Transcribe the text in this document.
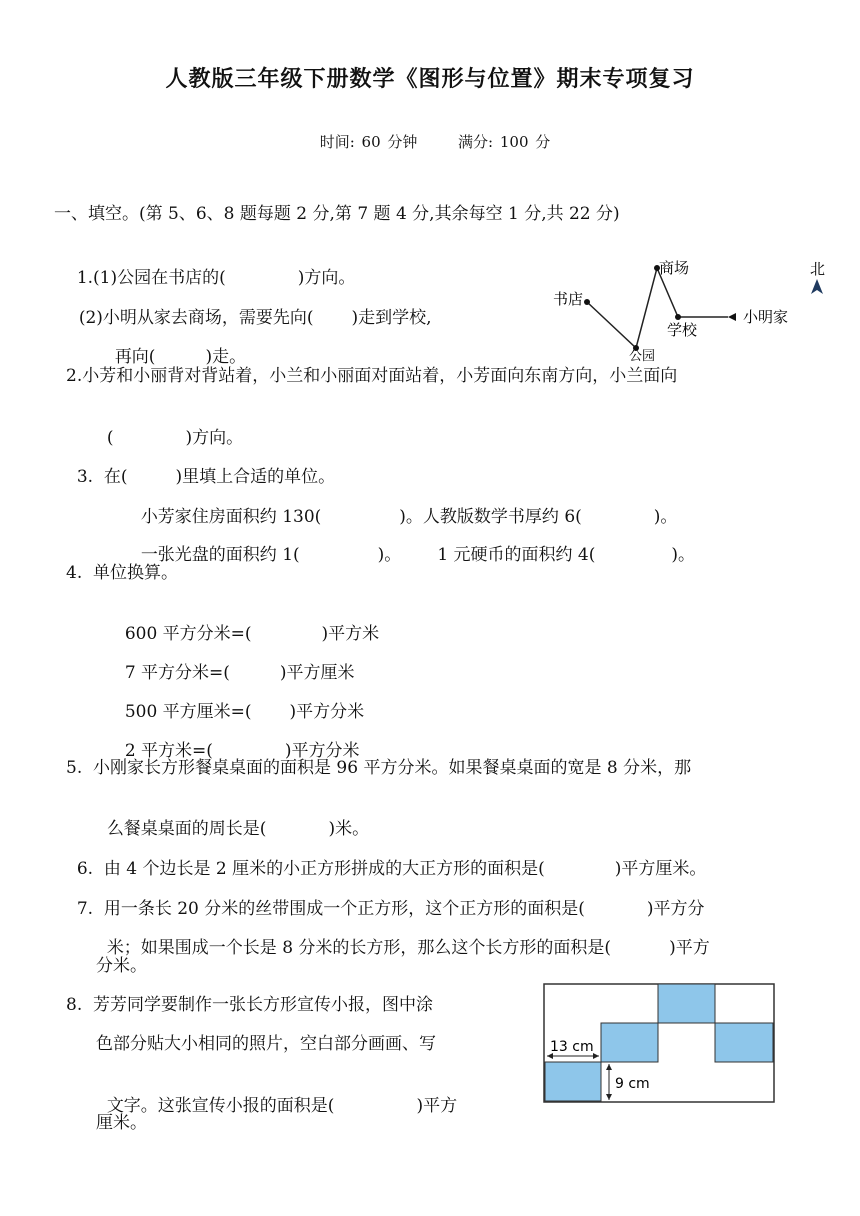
人教版三年级下册数学《图形与位置》期末专项复习
时间: 60 分钟	满分: 100 分
一、填空。(第 5、6、8 题每题 2 分,第 7 题 4 分,其余每空 1 分,共 22 分)

1.(1)公园在书店的(	)方向。

(2)小明从家去商场，需要先向( )走到学校,

再向(	)走。

书店
商场
公园
学校
小明家
北
2.小芳和小丽背对背站着，小兰和小丽面对面站着，小芳面向东南方向，小兰面向

(	)方向。

3.  在(	)里填上合适的单位。

小芳家住房面积约 130(	)。人教版数学书厚约 6(	)。

一张光盘的面积约 1(	)。 1 元硬币的面积约 4(	)。

4.  单位换算。

600 平方分米=(	)平方米

7 平方分米=(	)平方厘米

500 平方厘米=( )平方分米

2 平方米=(	)平方分米

5.  小刚家长方形餐桌桌面的面积是 96 平方分米。如果餐桌桌面的宽是 8 分米，那

么餐桌桌面的周长是(	)米。

6.  由 4 个边长是 2 厘米的小正方形拼成的大正方形的面积是(	)平方厘米。

7.  用一条长 20 分米的丝带围成一个正方形，这个正方形的面积是(	)平方分

米；如果围成一个长是 8 分米的长方形，那么这个长方形的面积是(	)平方

分米。
8.  芳芳同学要制作一张长方形宣传小报，图中涂
色部分贴大小相同的照片，空白部分画画、写

文字。这张宣传小报的面积是(	)平方

厘米。
13 cm
9 cm
